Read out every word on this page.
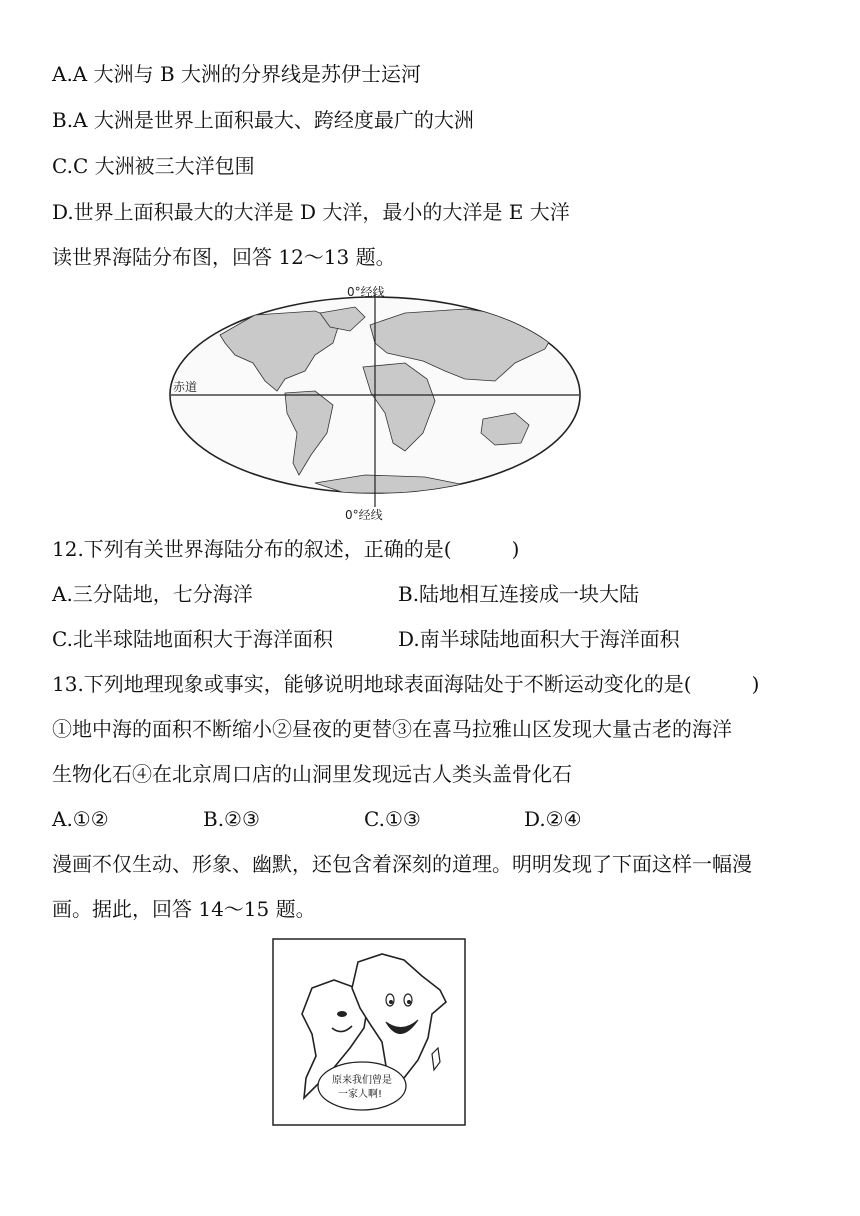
A.A 大洲与 B 大洲的分界线是苏伊士运河
B.A 大洲是世界上面积最大、跨经度最广的大洲
C.C 大洲被三大洋包围
D.世界上面积最大的大洋是 D 大洋，最小的大洋是 E 大洋
读世界海陆分布图，回答 12～13 题。
0°经线
0°经线
赤道
12.下列有关世界海陆分布的叙述，正确的是(　　　)
A.三分陆地，七分海洋	B.陆地相互连接成一块大陆
C.北半球陆地面积大于海洋面积	D.南半球陆地面积大于海洋面积
13.下列地理现象或事实，能够说明地球表面海陆处于不断运动变化的是(　　　)
①地中海的面积不断缩小②昼夜的更替③在喜马拉雅山区发现大量古老的海洋
生物化石④在北京周口店的山洞里发现远古人类头盖骨化石
A.①②	B.②③	C.①③	D.②④
漫画不仅生动、形象、幽默，还包含着深刻的道理。明明发现了下面这样一幅漫
画。据此，回答 14～15 题。
原来我们曾是
一家人啊!
